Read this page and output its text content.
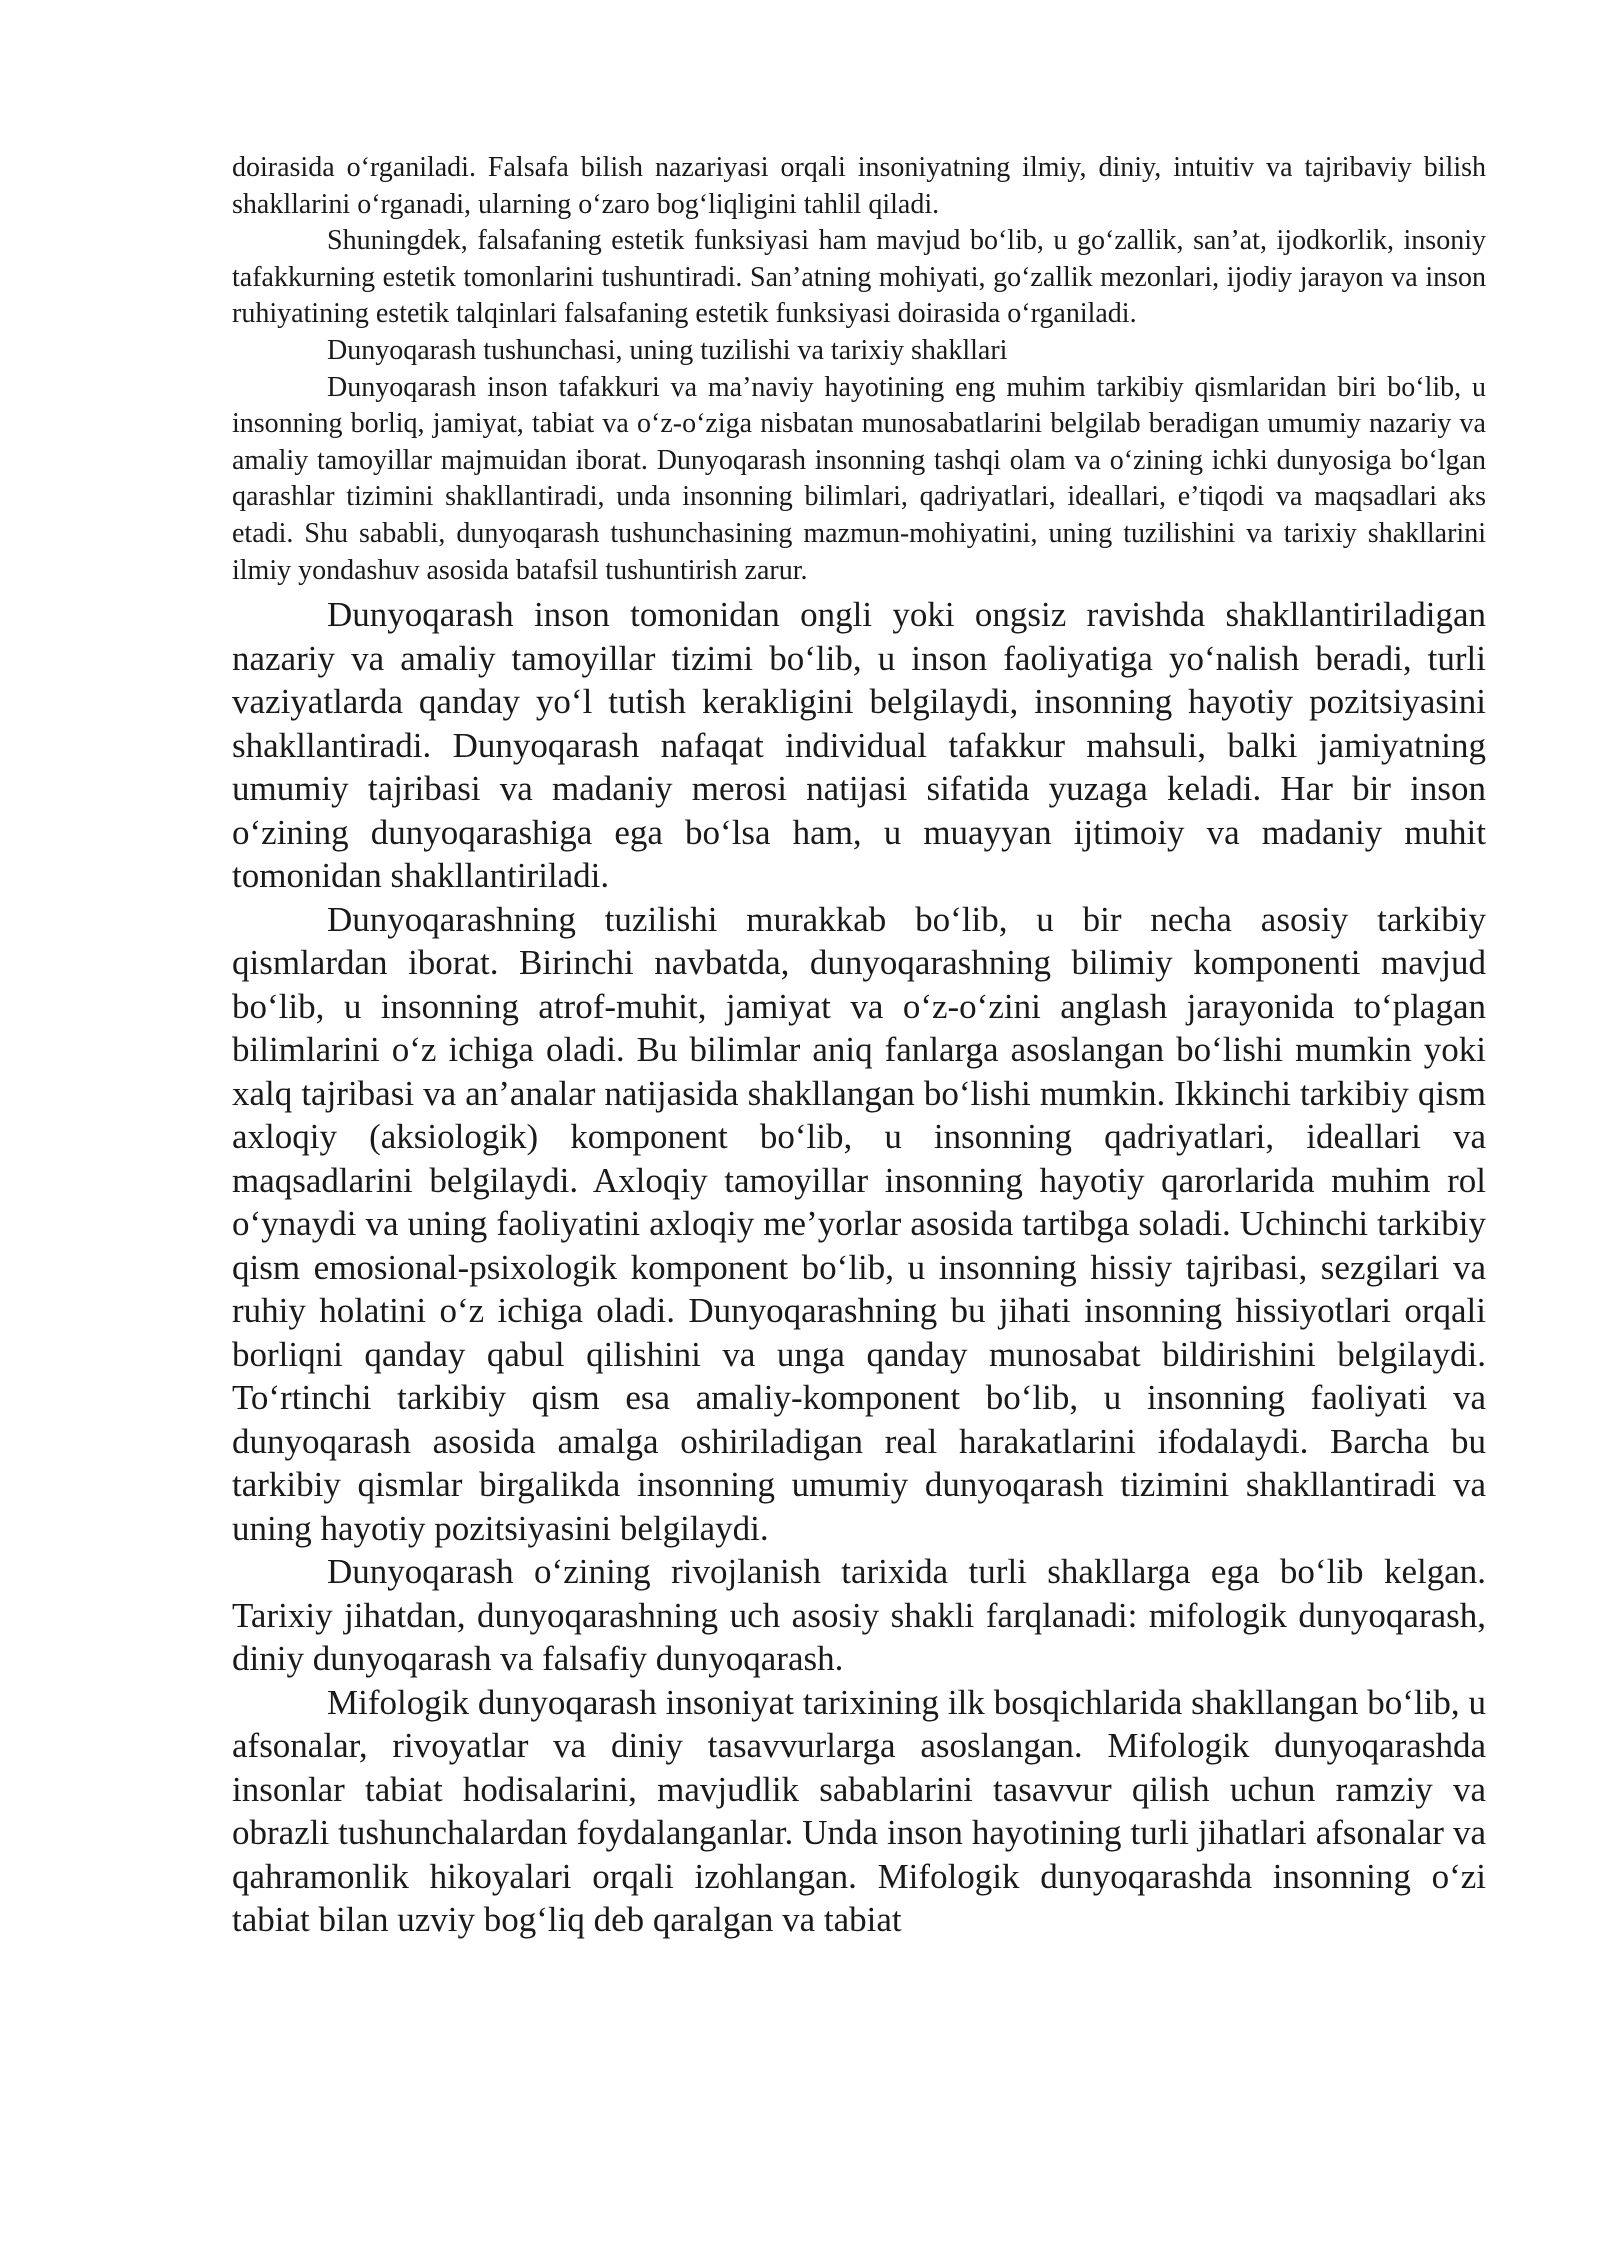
doirasida o‘rganiladi. Falsafa bilish nazariyasi orqali insoniyatning ilmiy, diniy, intuitiv va tajribaviy bilish shakllarini o‘rganadi, ularning o‘zaro bog‘liqligini tahlil qiladi.

Shuningdek, falsafaning estetik funksiyasi ham mavjud bo‘lib, u go‘zallik, san’at, ijodkorlik, insoniy tafakkurning estetik tomonlarini tushuntiradi. San’atning mohiyati, go‘zallik mezonlari, ijodiy jarayon va inson ruhiyatining estetik talqinlari falsafaning estetik funksiyasi doirasida o‘rganiladi.

Dunyoqarash tushunchasi, uning tuzilishi va tarixiy shakllari

Dunyoqarash inson tafakkuri va ma’naviy hayotining eng muhim tarkibiy qismlaridan biri bo‘lib, u insonning borliq, jamiyat, tabiat va o‘z-o‘ziga nisbatan munosabatlarini belgilab beradigan umumiy nazariy va amaliy tamoyillar majmuidan iborat. Dunyoqarash insonning tashqi olam va o‘zining ichki dunyosiga bo‘lgan qarashlar tizimini shakllantiradi, unda insonning bilimlari, qadriyatlari, ideallari, e’tiqodi va maqsadlari aks etadi. Shu sababli, dunyoqarash tushunchasining mazmun-mohiyatini, uning tuzilishini va tarixiy shakllarini ilmiy yondashuv asosida batafsil tushuntirish zarur.

Dunyoqarash inson tomonidan ongli yoki ongsiz ravishda shakllantiriladigan nazariy va amaliy tamoyillar tizimi bo‘lib, u inson faoliyatiga yo‘nalish beradi, turli vaziyatlarda qanday yo‘l tutish kerakligini belgilaydi, insonning hayotiy pozitsiyasini shakllantiradi. Dunyoqarash nafaqat individual tafakkur mahsuli, balki jamiyatning umumiy tajribasi va madaniy merosi natijasi sifatida yuzaga keladi. Har bir inson o‘zining dunyoqarashiga ega bo‘lsa ham, u muayyan ijtimoiy va madaniy muhit tomonidan shakllantiriladi.

Dunyoqarashning tuzilishi murakkab bo‘lib, u bir necha asosiy tarkibiy qismlardan iborat. Birinchi navbatda, dunyoqarashning bilimiy komponenti mavjud bo‘lib, u insonning atrof-muhit, jamiyat va o‘z-o‘zini anglash jarayonida to‘plagan bilimlarini o‘z ichiga oladi. Bu bilimlar aniq fanlarga asoslangan bo‘lishi mumkin yoki xalq tajribasi va an’analar natijasida shakllangan bo‘lishi mumkin. Ikkinchi tarkibiy qism axloqiy (aksiologik) komponent bo‘lib, u insonning qadriyatlari, ideallari va maqsadlarini belgilaydi. Axloqiy tamoyillar insonning hayotiy qarorlarida muhim rol o‘ynaydi va uning faoliyatini axloqiy me’yorlar asosida tartibga soladi. Uchinchi tarkibiy qism emosional-psixologik komponent bo‘lib, u insonning hissiy tajribasi, sezgilari va ruhiy holatini o‘z ichiga oladi. Dunyoqarashning bu jihati insonning hissiyotlari orqali borliqni qanday qabul qilishini va unga qanday munosabat bildirishini belgilaydi. To‘rtinchi tarkibiy qism esa amaliy-komponent bo‘lib, u insonning faoliyati va dunyoqarash asosida amalga oshiriladigan real harakatlarini ifodalaydi. Barcha bu tarkibiy qismlar birgalikda insonning umumiy dunyoqarash tizimini shakllantiradi va uning hayotiy pozitsiyasini belgilaydi.

Dunyoqarash o‘zining rivojlanish tarixida turli shakllarga ega bo‘lib kelgan. Tarixiy jihatdan, dunyoqarashning uch asosiy shakli farqlanadi: mifologik dunyoqarash, diniy dunyoqarash va falsafiy dunyoqarash.

Mifologik dunyoqarash insoniyat tarixining ilk bosqichlarida shakllangan bo‘lib, u afsonalar, rivoyatlar va diniy tasavvurlarga asoslangan. Mifologik dunyoqarashda insonlar tabiat hodisalarini, mavjudlik sabablarini tasavvur qilish uchun ramziy va obrazli tushunchalardan foydalanganlar. Unda inson hayotining turli jihatlari afsonalar va qahramonlik hikoyalari orqali izohlangan. Mifologik dunyoqarashda insonning o‘zi tabiat bilan uzviy bog‘liq deb qaralgan va tabiat
